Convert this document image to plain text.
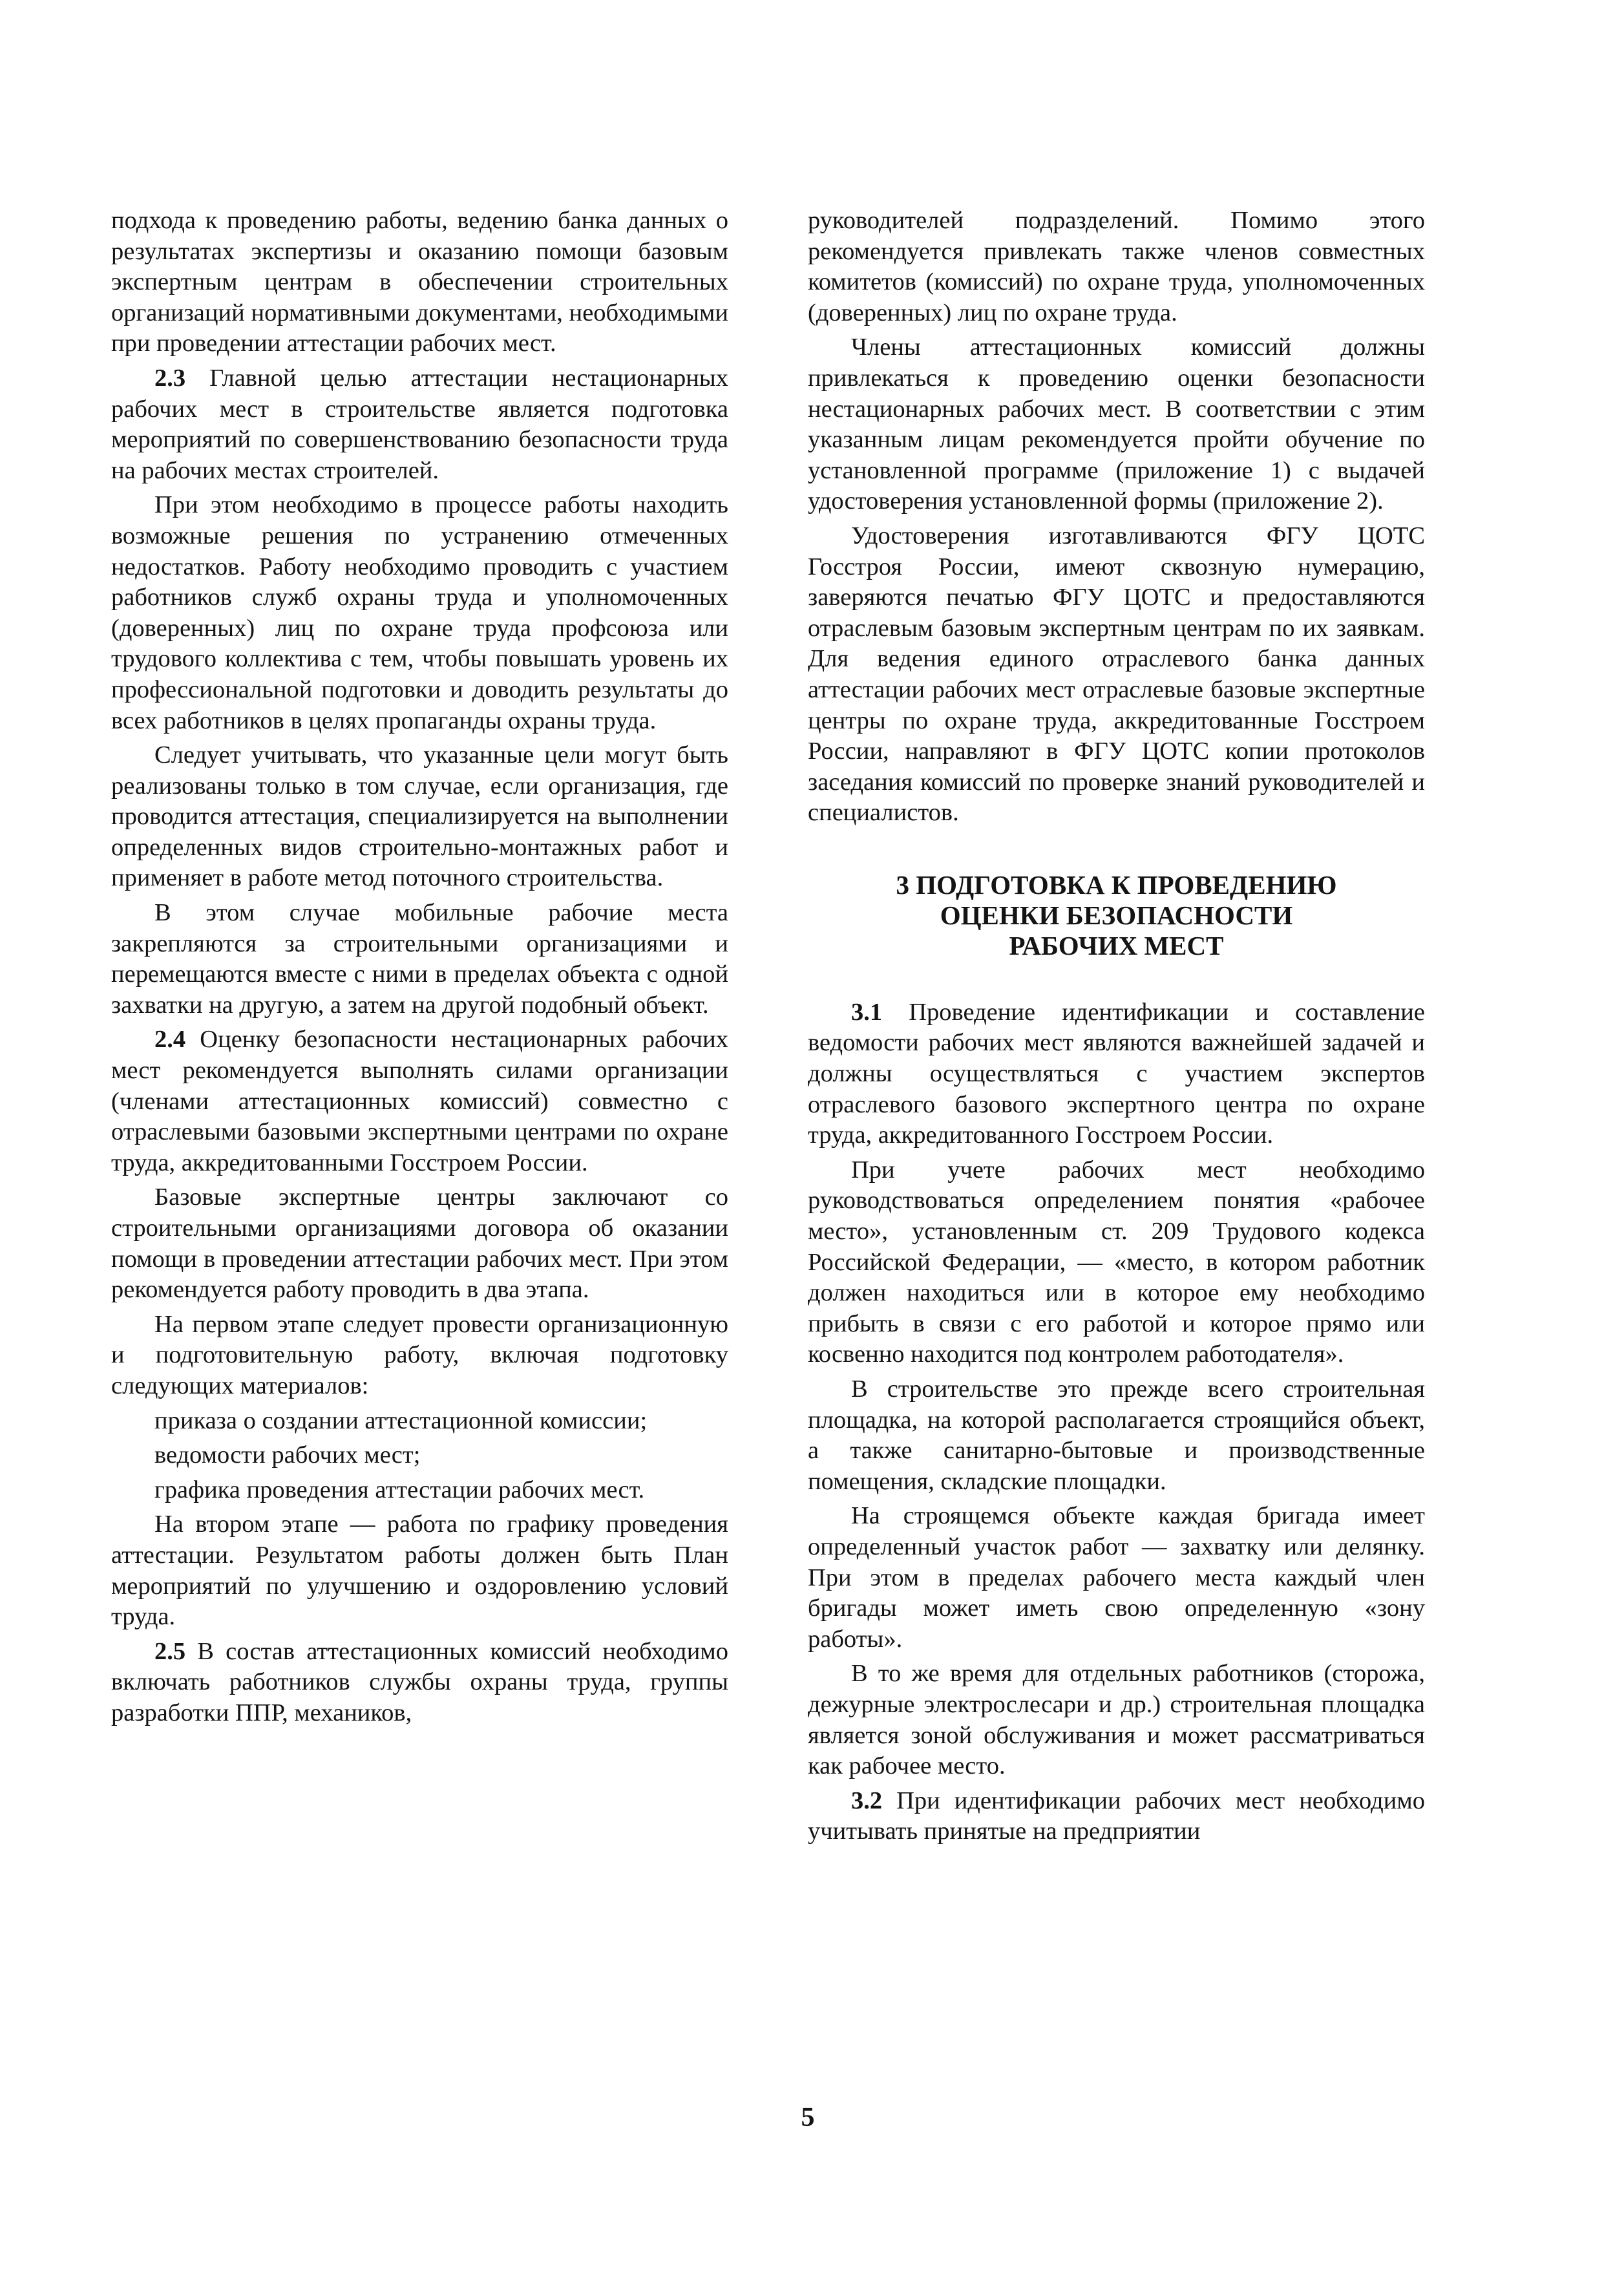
подхода к проведению работы, ведению банка данных о результатах экспертизы и оказанию помощи базовым экспертным центрам в обеспечении строительных организаций нормативными документами, необходимыми при проведении аттестации рабочих мест.

2.3 Главной целью аттестации нестационарных рабочих мест в строительстве является подготовка мероприятий по совершенствованию безопасности труда на рабочих местах строителей.

При этом необходимо в процессе работы находить возможные решения по устранению отмеченных недостатков. Работу необходимо проводить с участием работников служб охраны труда и уполномоченных (доверенных) лиц по охране труда профсоюза или трудового коллектива с тем, чтобы повышать уровень их профессиональной подготовки и доводить результаты до всех работников в целях пропаганды охраны труда.

Следует учитывать, что указанные цели могут быть реализованы только в том случае, если организация, где проводится аттестация, специализируется на выполнении определенных видов строительно-монтажных работ и применяет в работе метод поточного строительства.

В этом случае мобильные рабочие места закрепляются за строительными организациями и перемещаются вместе с ними в пределах объекта с одной захватки на другую, а затем на другой подобный объект.

2.4 Оценку безопасности нестационарных рабочих мест рекомендуется выполнять силами организации (членами аттестационных комиссий) совместно с отраслевыми базовыми экспертными центрами по охране труда, аккредитованными Госстроем России.

Базовые экспертные центры заключают со строительными организациями договора об оказании помощи в проведении аттестации рабочих мест. При этом рекомендуется работу проводить в два этапа.

На первом этапе следует провести организационную и подготовительную работу, включая подготовку следующих материалов:

приказа о создании аттестационной комиссии;

ведомости рабочих мест;

графика проведения аттестации рабочих мест.

На втором этапе — работа по графику проведения аттестации. Результатом работы должен быть План мероприятий по улучшению и оздоровлению условий труда.

2.5 В состав аттестационных комиссий необходимо включать работников службы охраны труда, группы разработки ППР, механиков,

руководителей подразделений. Помимо этого рекомендуется привлекать также членов совместных комитетов (комиссий) по охране труда, уполномоченных (доверенных) лиц по охране труда.

Члены аттестационных комиссий должны привлекаться к проведению оценки безопасности нестационарных рабочих мест. В соответствии с этим указанным лицам рекомендуется пройти обучение по установленной программе (приложение 1) с выдачей удостоверения установленной формы (приложение 2).

Удостоверения изготавливаются ФГУ ЦОТС Госстроя России, имеют сквозную нумерацию, заверяются печатью ФГУ ЦОТС и предоставляются отраслевым базовым экспертным центрам по их заявкам. Для ведения единого отраслевого банка данных аттестации рабочих мест отраслевые базовые экспертные центры по охране труда, аккредитованные Госстроем России, направляют в ФГУ ЦОТС копии протоколов заседания комиссий по проверке знаний руководителей и специалистов.

3 ПОДГОТОВКА К ПРОВЕДЕНИЮ
ОЦЕНКИ БЕЗОПАСНОСТИ
РАБОЧИХ МЕСТ

3.1 Проведение идентификации и составление ведомости рабочих мест являются важнейшей задачей и должны осуществляться с участием экспертов отраслевого базового экспертного центра по охране труда, аккредитованного Госстроем России.

При учете рабочих мест необходимо руководствоваться определением понятия «рабочее место», установленным ст. 209 Трудового кодекса Российской Федерации, — «место, в котором работник должен находиться или в которое ему необходимо прибыть в связи с его работой и которое прямо или косвенно находится под контролем работодателя».

В строительстве это прежде всего строительная площадка, на которой располагается строящийся объект, а также санитарно-бытовые и производственные помещения, складские площадки.

На строящемся объекте каждая бригада имеет определенный участок работ — захватку или делянку. При этом в пределах рабочего места каждый член бригады может иметь свою определенную «зону работы».

В то же время для отдельных работников (сторожа, дежурные электрослесари и др.) строительная площадка является зоной обслуживания и может рассматриваться как рабочее место.

3.2 При идентификации рабочих мест необходимо учитывать принятые на предприятии

5
